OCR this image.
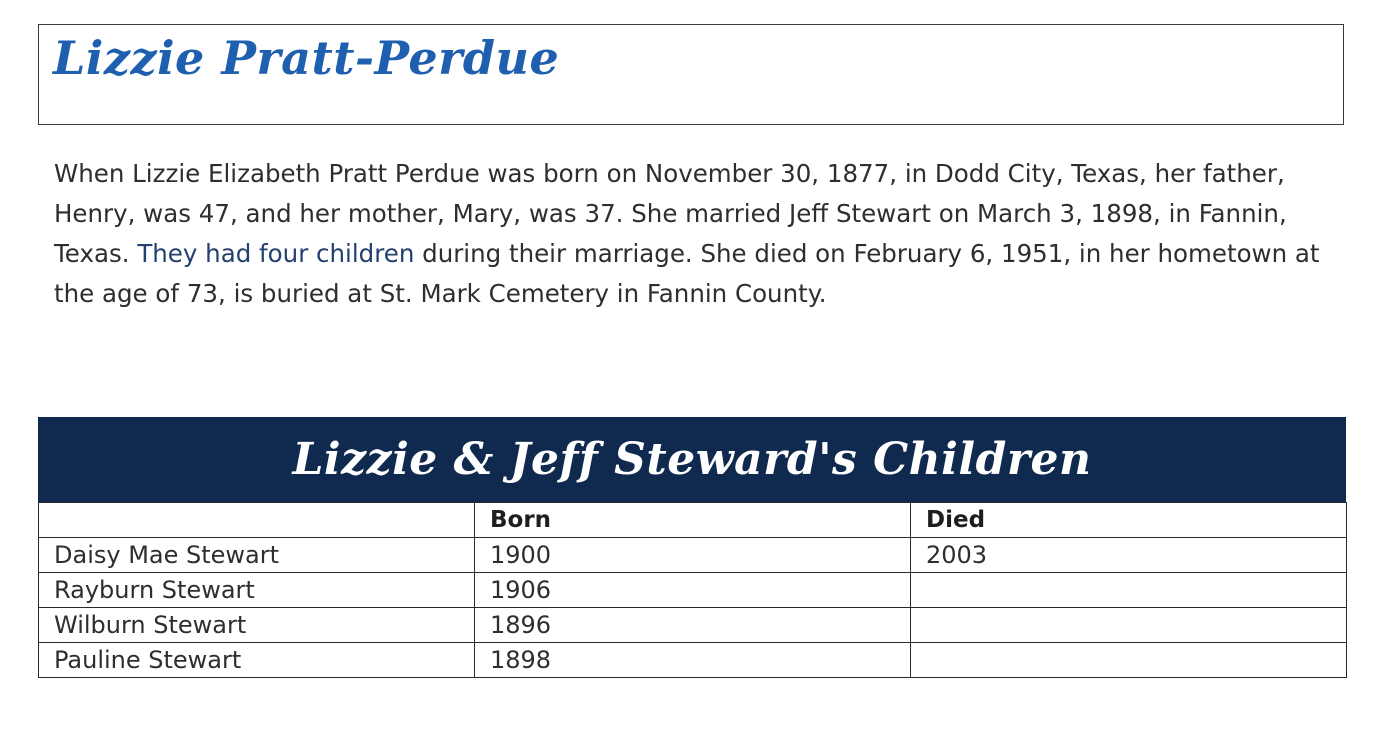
Lizzie Pratt-Perdue

When Lizzie Elizabeth Pratt Perdue was born on November 30, 1877, in Dodd City, Texas, her father, Henry, was 47, and her mother, Mary, was 37. She married Jeff Stewart on March 3, 1898, in Fannin, Texas. They had four children during their marriage. She died on February 6, 1951, in her hometown at the age of 73, is buried at St. Mark Cemetery in Fannin County.

Lizzie & Jeff Steward's Children
	Born	Died
Daisy Mae Stewart	1900	2003
Rayburn Stewart	1906	
Wilburn Stewart	1896	
Pauline Stewart	1898	
